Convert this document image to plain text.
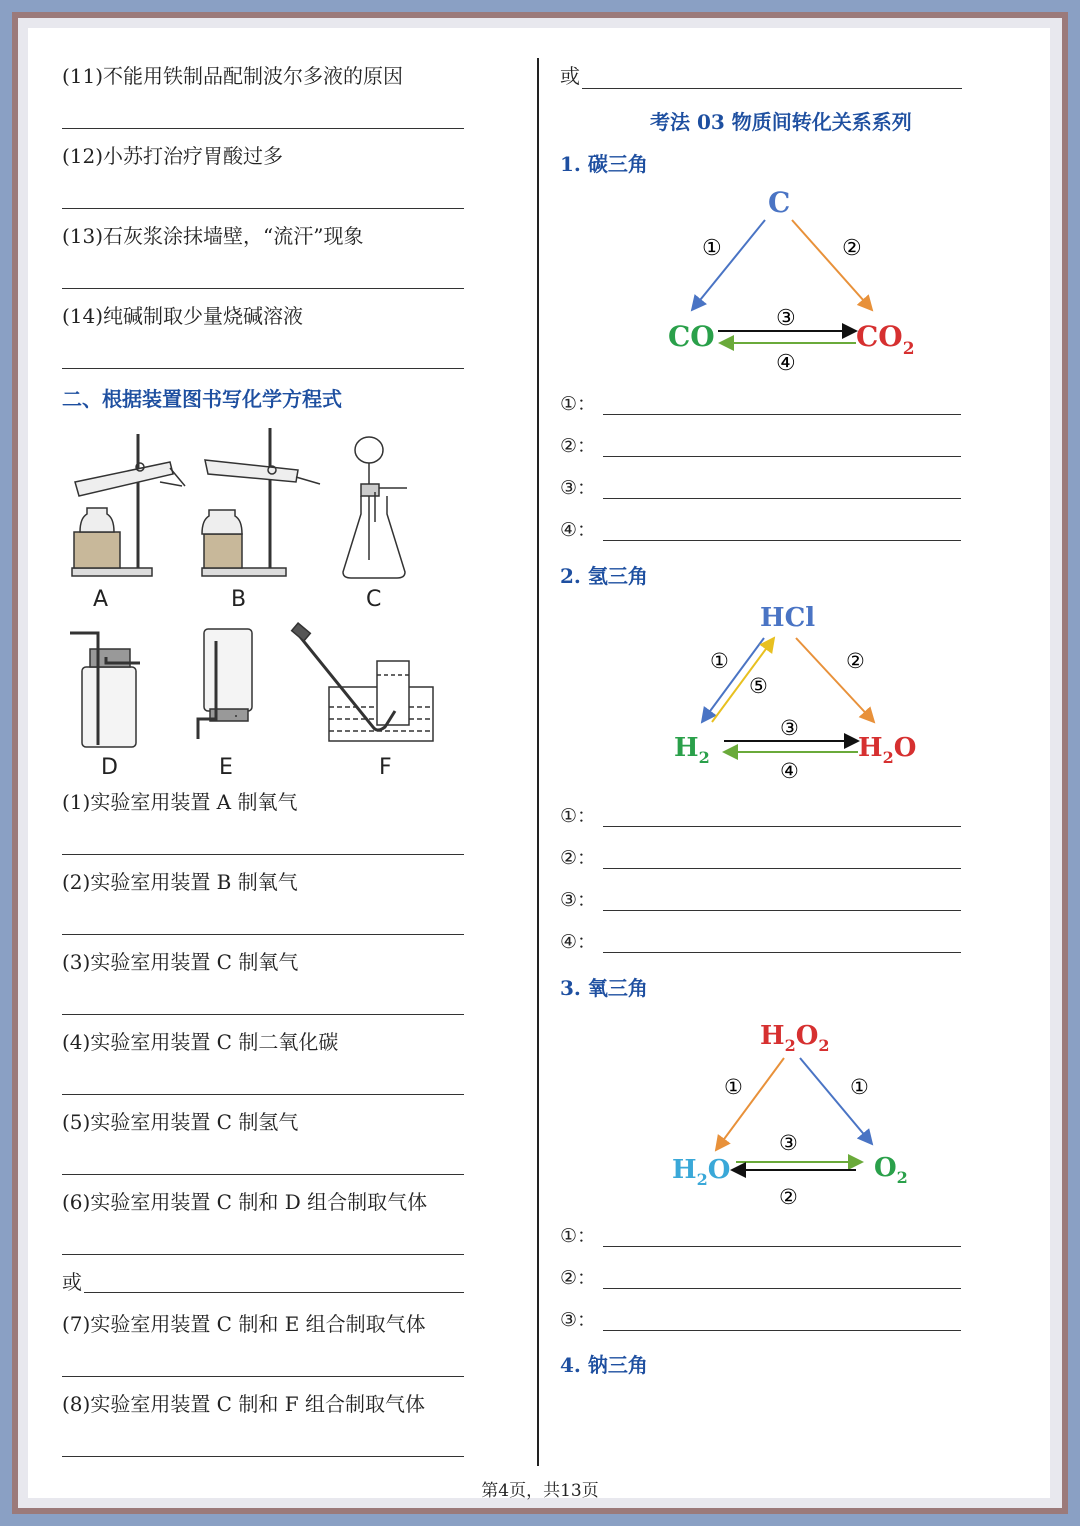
(11)不能用铁制品配制波尔多液的原因
(12)小苏打治疗胃酸过多
(13)石灰浆涂抹墙壁，“流汗”现象
(14)纯碱制取少量烧碱溶液
二、根据装置图书写化学方程式
A	B	C
D	E	F
(1)实验室用装置 A 制氧气
(2)实验室用装置 B 制氧气
(3)实验室用装置 C 制氧气
(4)实验室用装置 C 制二氧化碳
(5)实验室用装置 C 制氢气
(6)实验室用装置 C 制和 D 组合制取气体
或
(7)实验室用装置 C 制和 E 组合制取气体
(8)实验室用装置 C 制和 F 组合制取气体
或
考法 03 物质间转化关系系列
1. 碳三角
C
①	②
CO	$CO_2$
③
④
①：
②：
③：
④：
2. 氢三角
HCl
①	②
⑤
$H_2$	$H_2O$
③
④
①：
②：
③：
④：
3. 氧三角
$H_2O_2$
①	①
$H_2O$	$O_2$
③
②
①：
②：
③：
4. 钠三角
第4页，共13页
